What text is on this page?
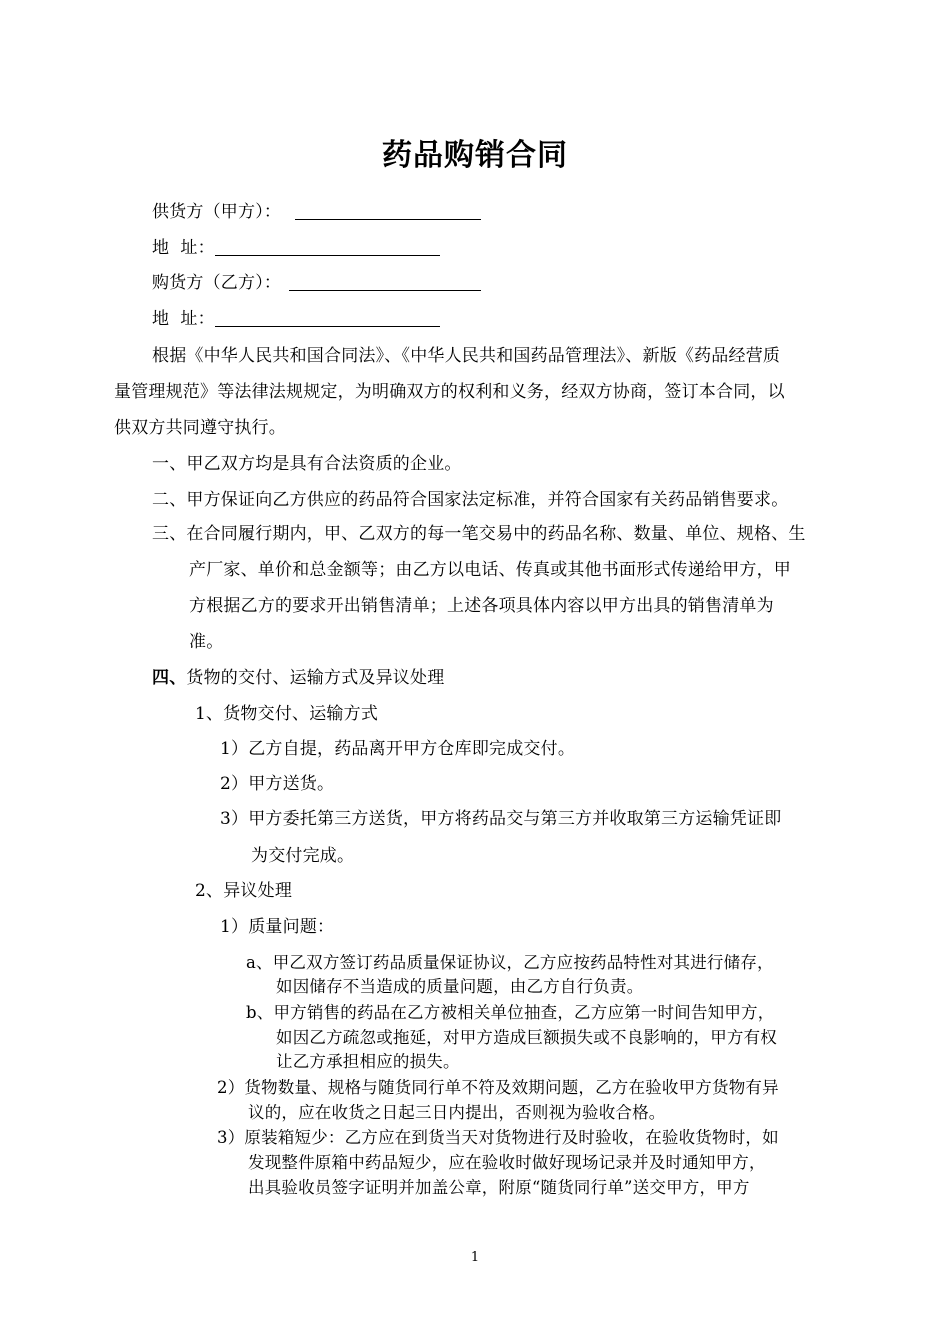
药品购销合同
供货方（甲方）：
地  址：
购货方（乙方）：
地  址：
根据《中华人民共和国合同法》、《中华人民共和国药品管理法》、新版《药品经营质
量管理规范》等法律法规规定，为明确双方的权利和义务，经双方协商，签订本合同，以
供双方共同遵守执行。
一、甲乙双方均是具有合法资质的企业。
二、甲方保证向乙方供应的药品符合国家法定标准，并符合国家有关药品销售要求。
三、在合同履行期内，甲、乙双方的每一笔交易中的药品名称、数量、单位、规格、生
产厂家、单价和总金额等；由乙方以电话、传真或其他书面形式传递给甲方，甲
方根据乙方的要求开出销售清单；上述各项具体内容以甲方出具的销售清单为
准。
四、货物的交付、运输方式及异议处理
1、货物交付、运输方式
1）乙方自提，药品离开甲方仓库即完成交付。
2）甲方送货。
3）甲方委托第三方送货，甲方将药品交与第三方并收取第三方运输凭证即
为交付完成。
2、异议处理
1）质量问题：
a、甲乙双方签订药品质量保证协议，乙方应按药品特性对其进行储存，
如因储存不当造成的质量问题，由乙方自行负责。
b、甲方销售的药品在乙方被相关单位抽查，乙方应第一时间告知甲方，
如因乙方疏忽或拖延，对甲方造成巨额损失或不良影响的，甲方有权
让乙方承担相应的损失。
2）货物数量、规格与随货同行单不符及效期问题，乙方在验收甲方货物有异
议的，应在收货之日起三日内提出，否则视为验收合格。
3）原装箱短少：乙方应在到货当天对货物进行及时验收，在验收货物时，如
发现整件原箱中药品短少，应在验收时做好现场记录并及时通知甲方，
出具验收员签字证明并加盖公章，附原“随货同行单”送交甲方，甲方
1
